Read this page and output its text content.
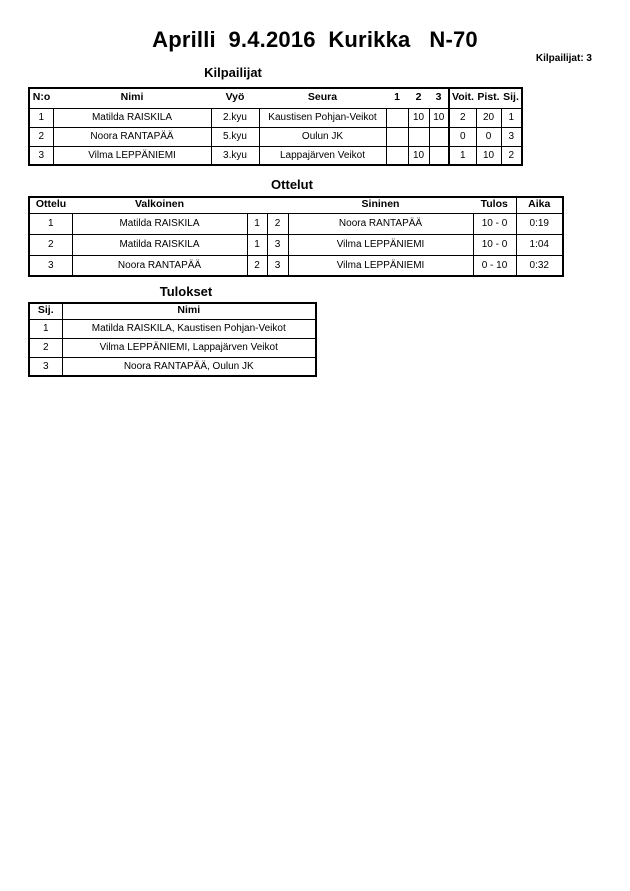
Aprilli  9.4.2016  Kurikka   N-70
Kilpailijat: 3
Kilpailijat
N:o	Nimi	Vyö	Seura	1	2	3	Voit.	Pist.	Sij.
1	Matilda RAISKILA	2.kyu	Kaustisen Pohjan-Veikot		10	10	2	20	1
2	Noora RANTAPÄÄ	5.kyu	Oulun JK				0	0	3
3	Vilma LEPPÄNIEMI	3.kyu	Lappajärven Veikot		10		1	10	2
Ottelut
Ottelu	Valkoinen			Sininen	Tulos	Aika
1	Matilda RAISKILA	1	2	Noora RANTAPÄÄ	10 - 0	0:19
2	Matilda RAISKILA	1	3	Vilma LEPPÄNIEMI	10 - 0	1:04
3	Noora RANTAPÄÄ	2	3	Vilma LEPPÄNIEMI	0 - 10	0:32
Tulokset
Sij.	Nimi
1	Matilda RAISKILA, Kaustisen Pohjan-Veikot
2	Vilma LEPPÄNIEMI, Lappajärven Veikot
3	Noora RANTAPÄÄ, Oulun JK
